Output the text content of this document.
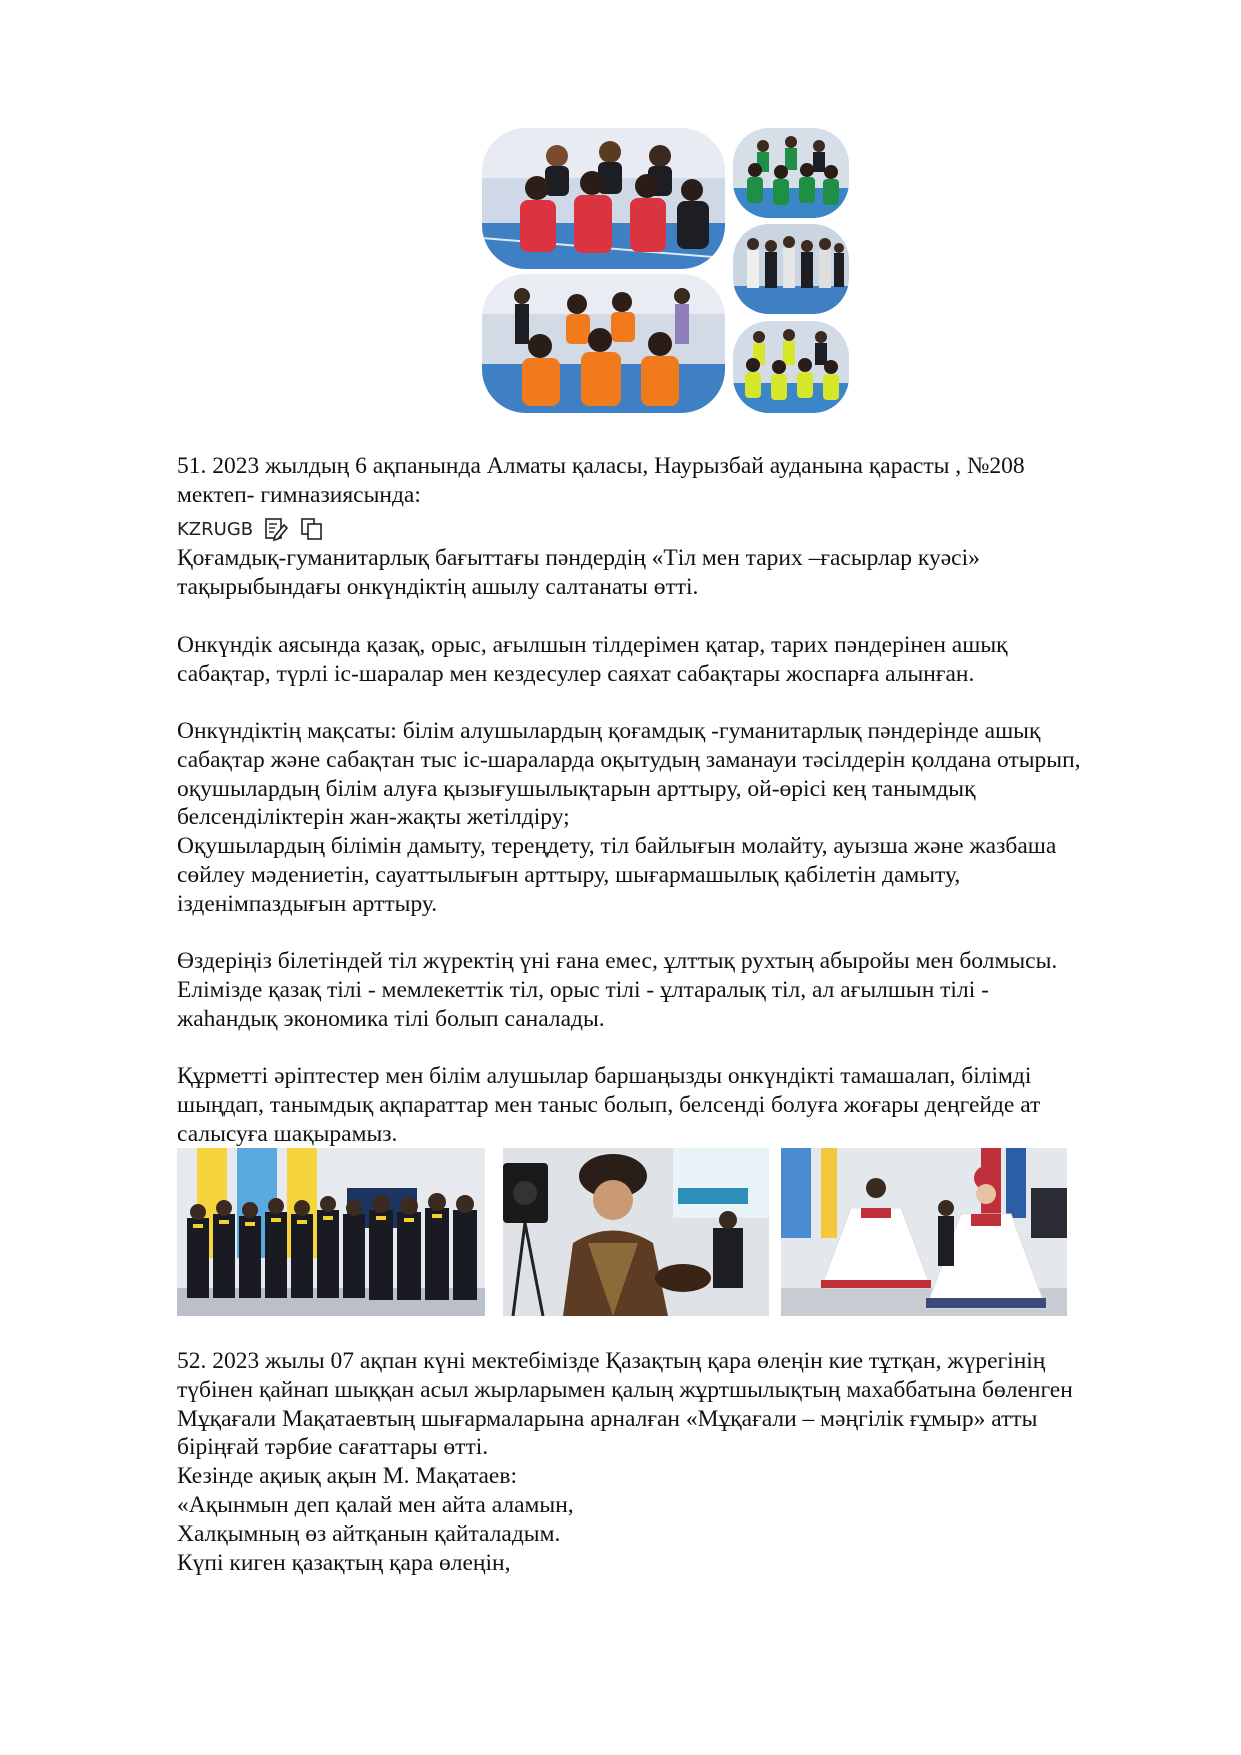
51. 2023 жылдың 6 ақпанында Алматы қаласы, Наурызбай ауданына қарасты , №208
мектеп- гимназиясында:

KZRUGB

Қоғамдық-гуманитарлық бағыттағы пәндердің «Тіл мен тарих –ғасырлар куәсі»
тақырыбындағы онкүндіктің ашылу салтанаты өтті.

Онкүндік аясында қазақ, орыс, ағылшын тілдерімен қатар, тарих пәндерінен ашық
сабақтар, түрлі іс-шаралар мен кездесулер саяхат сабақтары жоспарға алынған.

Онкүндіктің мақсаты: білім алушылардың қоғамдық -гуманитарлық пәндерінде ашық
сабақтар және сабақтан тыс іс-шараларда оқытудың заманауи тәсілдерін қолдана отырып,
оқушылардың білім алуға қызығушылықтарын арттыру, ой-өрісі кең танымдық
белсенділіктерін жан-жақты жетілдіру;
Оқушылардың білімін дамыту, тереңдету, тіл байлығын молайту, ауызша және жазбаша
сөйлеу мәдениетін, сауаттылығын арттыру, шығармашылық қабілетін дамыту,
ізденімпаздығын арттыру.

Өздеріңіз білетіндей тіл жүректің үні ғана емес, ұлттық рухтың абыройы мен болмысы.
Елімізде қазақ тілі - мемлекеттік тіл, орыс тілі - ұлтаралық тіл, ал ағылшын тілі -
жаһандық экономика тілі болып саналады.

Құрметті әріптестер мен білім алушылар баршаңызды онкүндікті тамашалап, білімді
шыңдап, танымдық ақпараттар мен таныс болып, белсенді болуға жоғары деңгейде ат
салысуға шақырамыз.

52. 2023 жылы 07 ақпан күні мектебімізде Қазақтың қара өлеңін кие тұтқан, жүрегінің
түбінен қайнап шыққан асыл жырларымен қалың жұртшылықтың махаббатына бөленген
Мұқағали Мақатаевтың шығармаларына арналған «Мұқағали – мәңгілік ғұмыр» атты
біріңғай тәрбие сағаттары өтті.
Кезінде ақиық ақын М. Мақатаев:
«Ақынмын деп қалай мен айта аламын,
Халқымның өз айтқанын қайталадым.
Күпі киген қазақтың қара өлеңін,
